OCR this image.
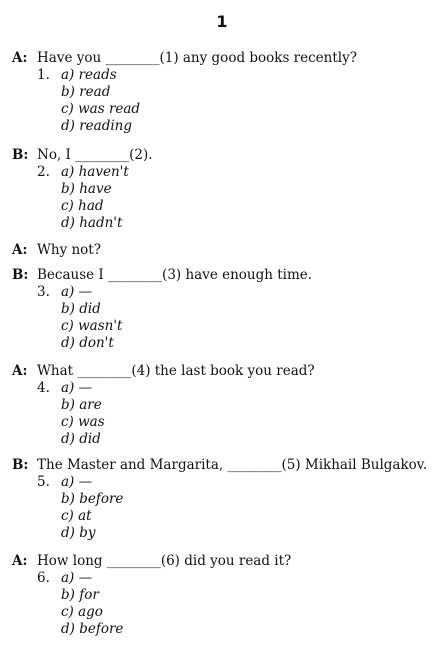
1
A: Have you ________(1) any good books recently?
1. a) reads
b) read
c) was read
d) reading
B: No, I ________(2).
2. a) haven't
b) have
c) had
d) hadn't
A: Why not?
B: Because I ________(3) have enough time.
3. a) —
b) did
c) wasn't
d) don't
A: What ________(4) the last book you read?
4. a) —
b) are
c) was
d) did
B: The Master and Margarita, ________(5) Mikhail Bulgakov.
5. a) —
b) before
c) at
d) by
A: How long ________(6) did you read it?
6. a) —
b) for
c) ago
d) before
